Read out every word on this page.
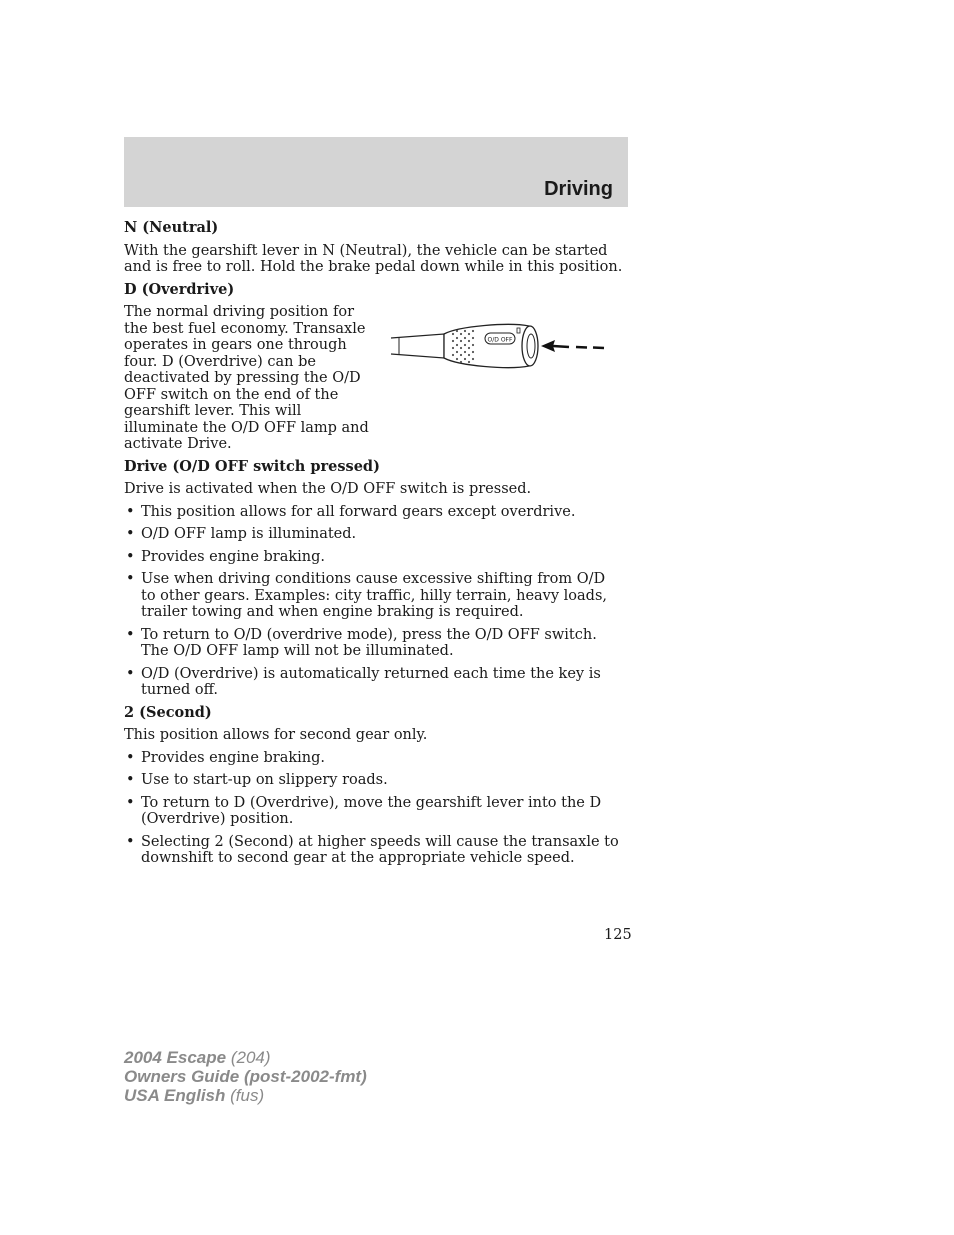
Driving
N (Neutral)
With the gearshift lever in N (Neutral), the vehicle can be started and is free to roll. Hold the brake pedal down while in this position.
D (Overdrive)
The normal driving position for the best fuel economy. Transaxle operates in gears one through four. D (Overdrive) can be deactivated by pressing the O/D OFF switch on the end of the gearshift lever. This will illuminate the O/D OFF lamp and activate Drive.
O/D OFF
Drive (O/D OFF switch pressed)
Drive is activated when the O/D OFF switch is pressed.
• This position allows for all forward gears except overdrive.
• O/D OFF lamp is illuminated.
• Provides engine braking.
• Use when driving conditions cause excessive shifting from O/D to other gears. Examples: city traffic, hilly terrain, heavy loads, trailer towing and when engine braking is required.
• To return to O/D (overdrive mode), press the O/D OFF switch. The O/D OFF lamp will not be illuminated.
• O/D (Overdrive) is automatically returned each time the key is turned off.
2 (Second)
This position allows for second gear only.
• Provides engine braking.
• Use to start-up on slippery roads.
• To return to D (Overdrive), move the gearshift lever into the D (Overdrive) position.
• Selecting 2 (Second) at higher speeds will cause the transaxle to downshift to second gear at the appropriate vehicle speed.
125
2004 Escape (204)
Owners Guide (post-2002-fmt)
USA English (fus)
